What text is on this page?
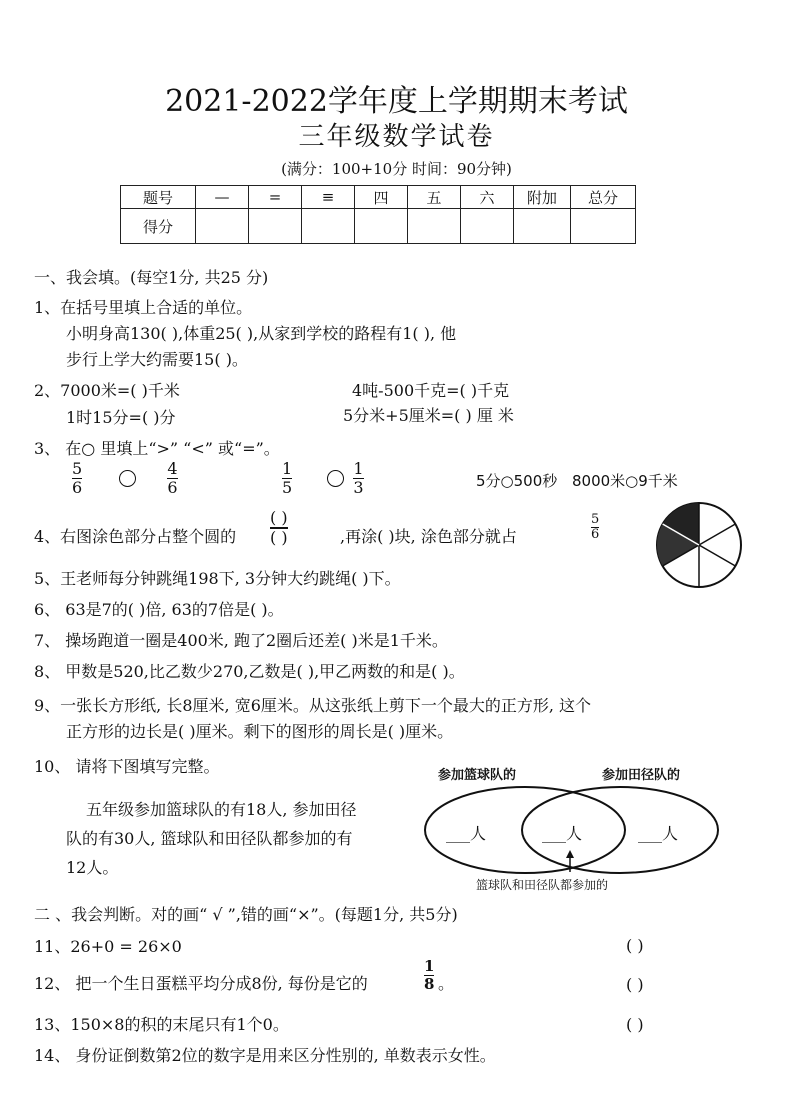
2021-2022学年度上学期期末考试
三年级数学试卷
(满分：100+10分 时间：90分钟)
题号	—	=	≡	四	五	六	附加	总分
得分								
一、我会填。(每空1分, 共25 分)
1、在括号里填上合适的单位。
小明身高130( ),体重25( ),从家到学校的路程有1( ), 他
步行上学大约需要15( )。
2、7000米=( )千米	4吨-500千克=( )千克
1时15分=( )分	5分米+5厘米=( ) 厘 米
3、 在○ 里填上“>” “<” 或“=”。
$\frac{5}{6}$
	$\frac{4}{6}$	$\frac{1}{5}$
	$\frac{1}{3}$	5分○500秒 8000米○9千米
4、右图涂色部分占整个圆的 $\frac{( )}{( )}$	,再涂( )块, 涂色部分就占	$\frac{5}{6}$
5、王老师每分钟跳绳198下, 3分钟大约跳绳( )下。
6、 63是7的( )倍, 63的7倍是( )。
7、 操场跑道一圈是400米, 跑了2圈后还差( )米是1千米。
8、 甲数是520,比乙数少270,乙数是( ),甲乙两数的和是( )。
9、一张长方形纸, 长8厘米, 宽6厘米。从这张纸上剪下一个最大的正方形, 这个
正方形的边长是( )厘米。剩下的图形的周长是( )厘米。
10、 请将下图填写完整。
五年级参加篮球队的有18人, 参加田径
队的有30人, 篮球队和田径队都参加的有
12人。
参加篮球队的	参加田径队的
___人	___人	___人
篮球队和田径队都参加的
二 、我会判断。对的画“ √ ”,错的画“×”。(每题1分, 共5分)
11、26+0 = 26×0	( )
12、 把一个生日蛋糕平均分成8份, 每份是它的	$\frac{1}{8}$ 。	( )
13、150×8的积的末尾只有1个0。	( )
14、 身份证倒数第2位的数字是用来区分性别的, 单数表示女性。
